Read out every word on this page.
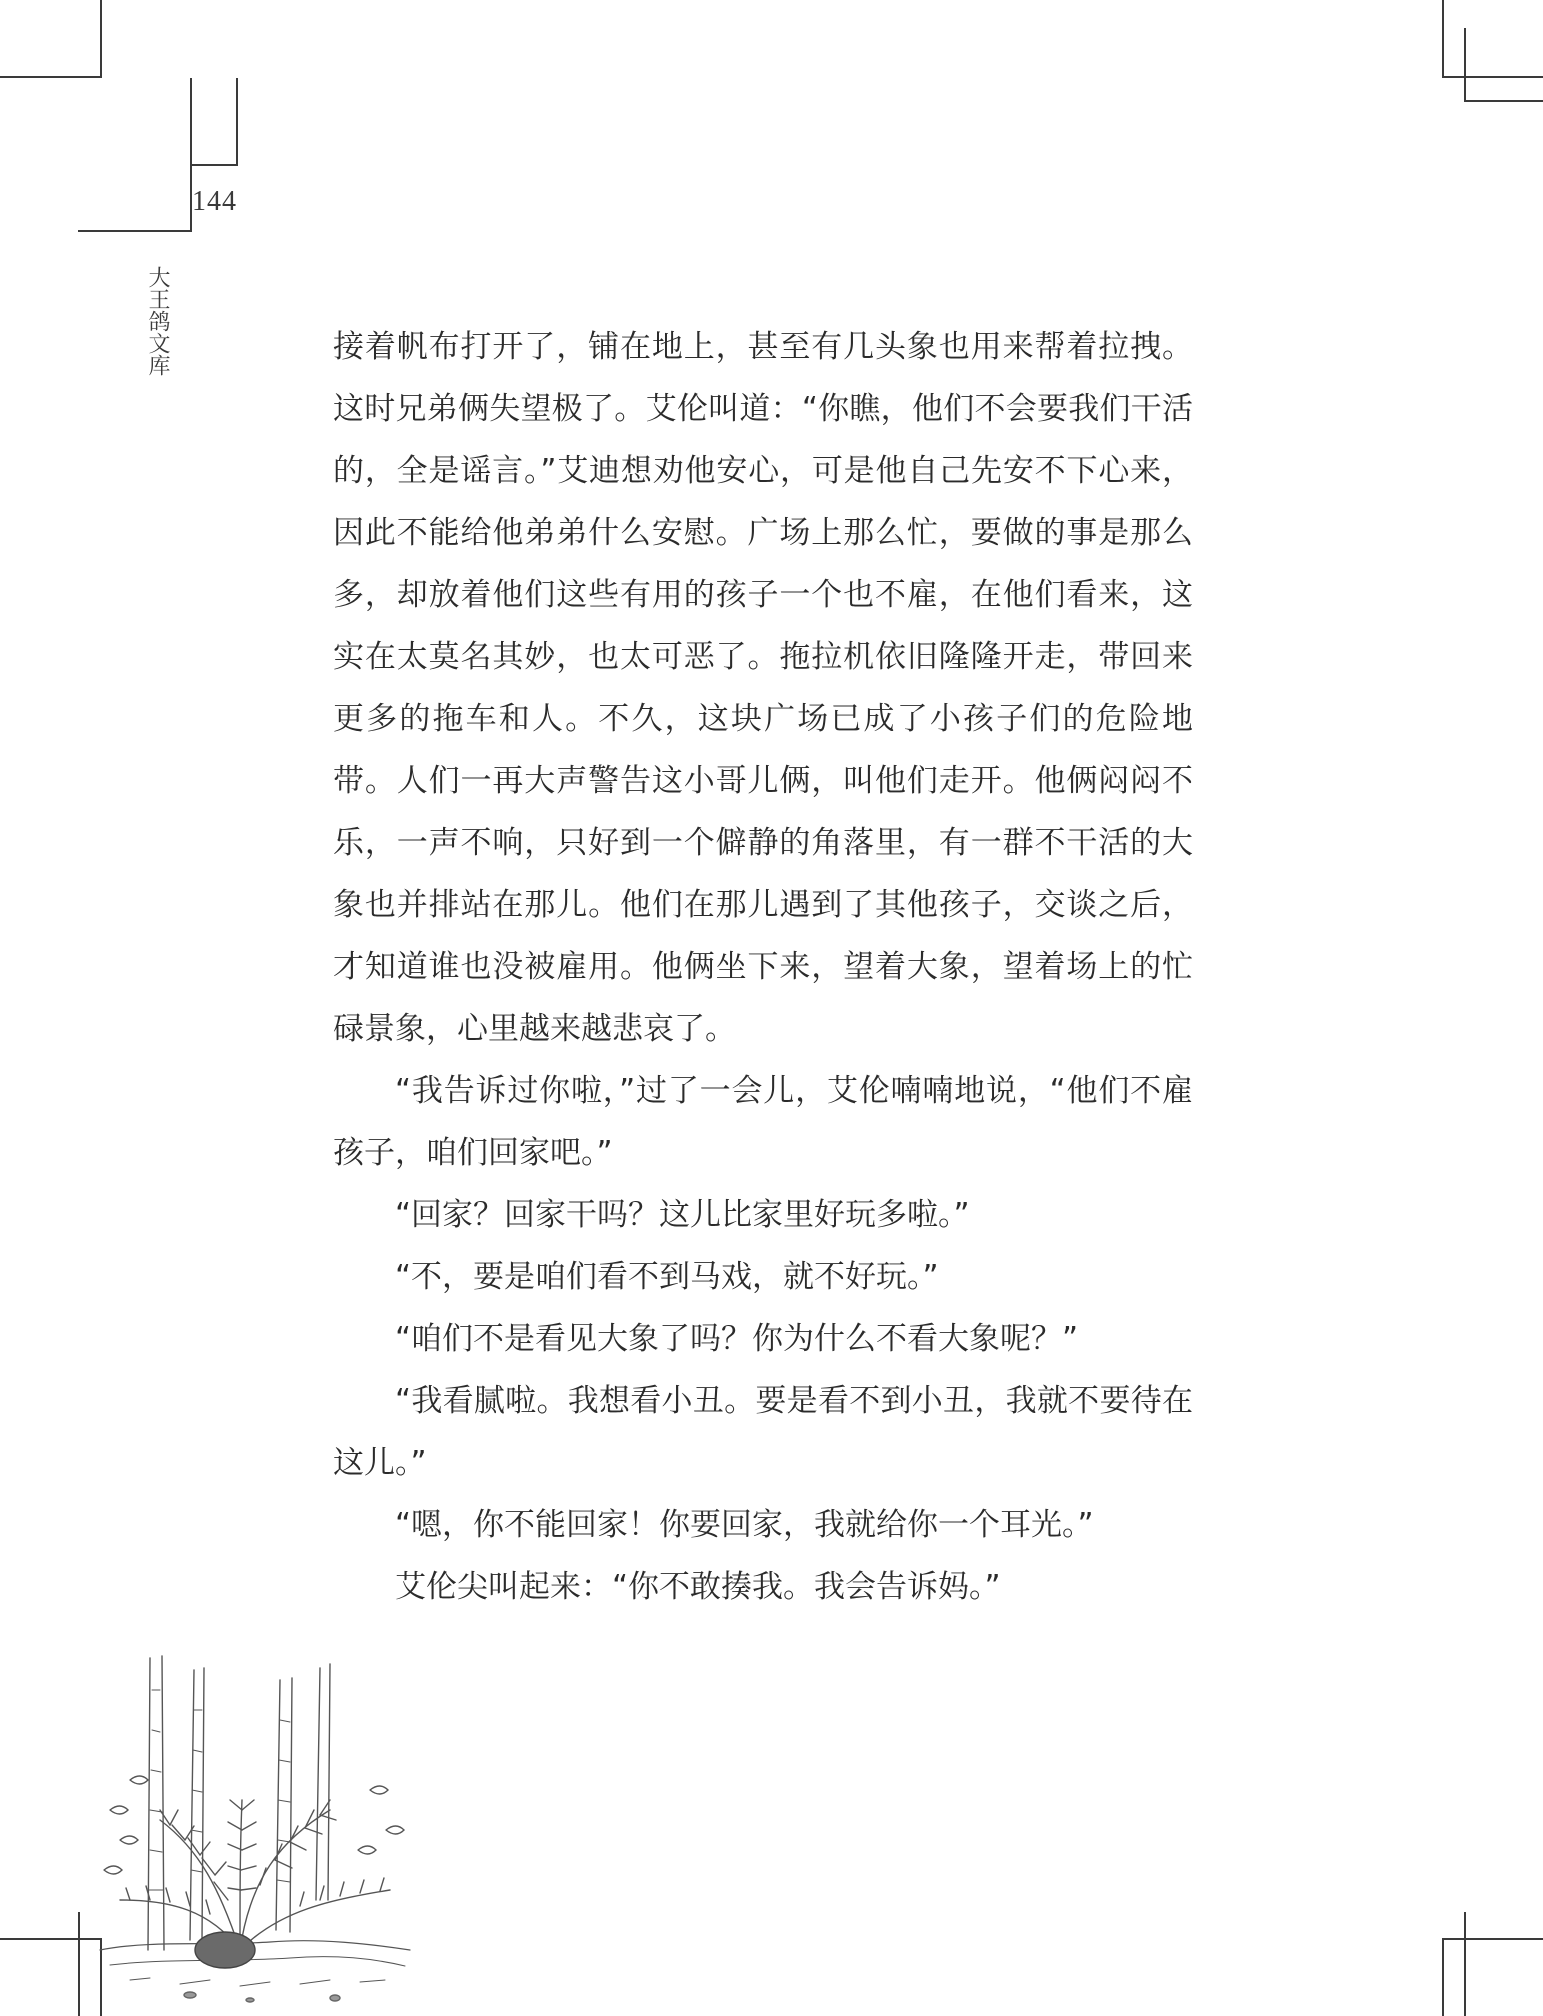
144
大王鸽文库	接着帆布打开了，铺在地上，甚至有几头象也用来帮着拉拽。这时兄弟俩失望极了。艾伦叫道：“你瞧，他们不会要我们干活的，全是谣言。”艾迪想劝他安心，可是他自己先安不下心来，因此不能给他弟弟什么安慰。广场上那么忙，要做的事是那么多，却放着他们这些有用的孩子一个也不雇，在他们看来，这实在太莫名其妙，也太可恶了。拖拉机依旧隆隆开走，带回来更多的拖车和人。不久，这块广场已成了小孩子们的危险地带。人们一再大声警告这小哥儿俩，叫他们走开。他俩闷闷不乐，一声不响，只好到一个僻静的角落里，有一群不干活的大象也并排站在那儿。他们在那儿遇到了其他孩子，交谈之后，才知道谁也没被雇用。他俩坐下来，望着大象，望着场上的忙碌景象，心里越来越悲哀了。

“我告诉过你啦，”过了一会儿，艾伦喃喃地说，“他们不雇孩子，咱们回家吧。”

“回家？回家干吗？这儿比家里好玩多啦。”

“不，要是咱们看不到马戏，就不好玩。”

“咱们不是看见大象了吗？你为什么不看大象呢？”

“我看腻啦。我想看小丑。要是看不到小丑，我就不要待在这儿。”

“嗯，你不能回家！你要回家，我就给你一个耳光。”

艾伦尖叫起来：“你不敢揍我。我会告诉妈。”
